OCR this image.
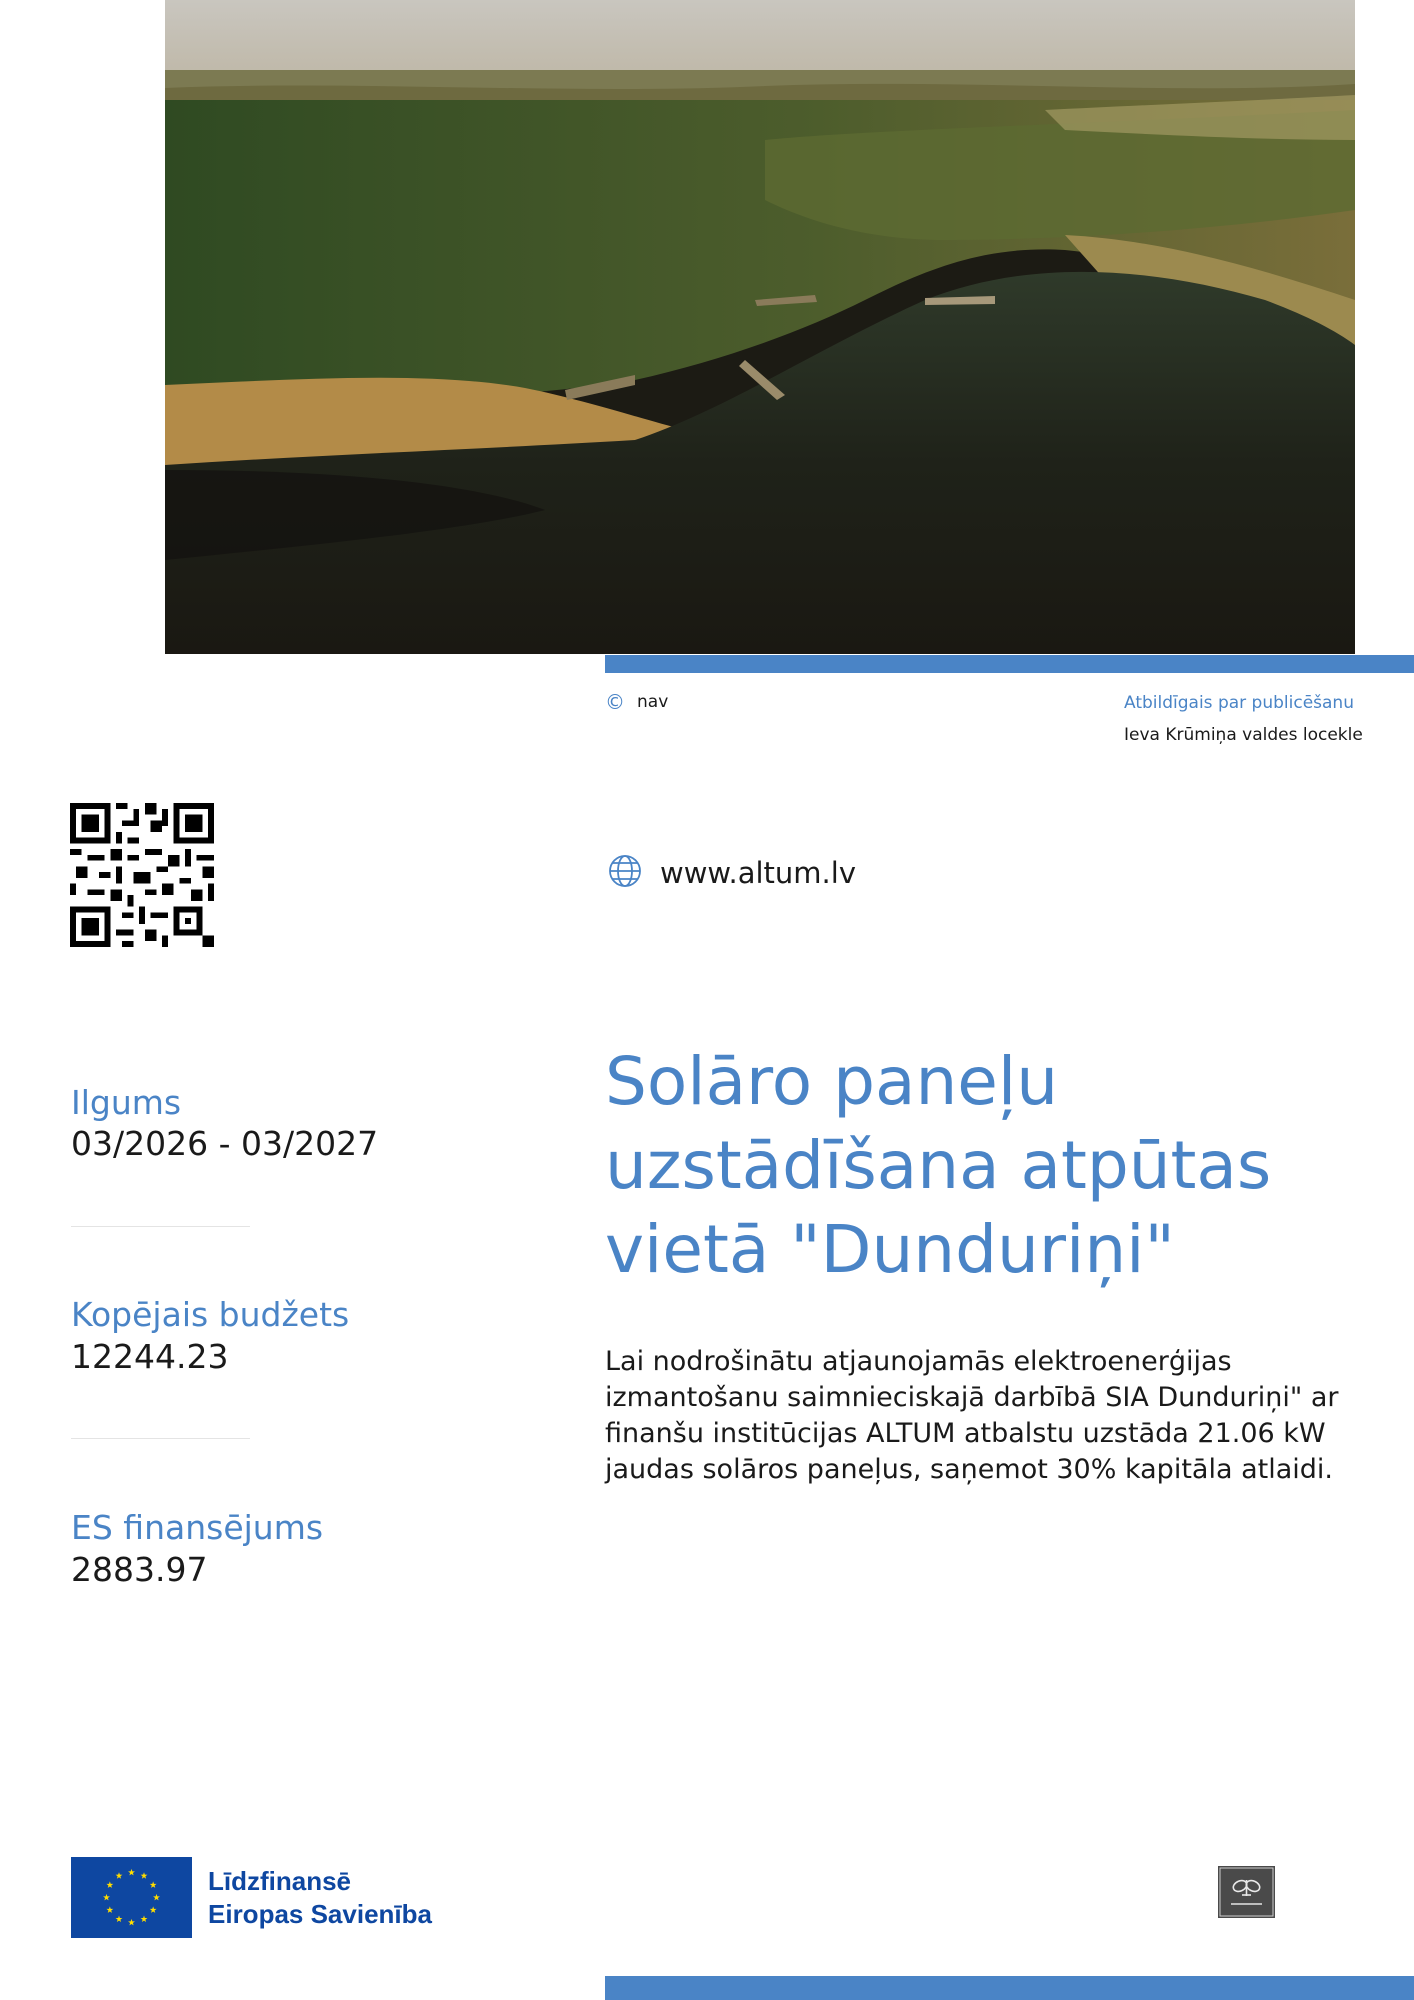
© nav	Atbildīgais par publicēšanu
Ieva Krūmiņa valdes locekle
www.altum.lv
Ilgums
03/2026 - 03/2027
Kopējais budžets
12244.23
ES finansējums
2883.97
Solāro paneļu
uzstādīšana atpūtas
vietā "Dunduriņi"

Lai nodrošinātu atjaunojamās elektroenerģijas izmantošanu saimnieciskajā darbībā SIA Dunduriņi" ar finanšu institūcijas ALTUM atbalstu uzstāda 21.06 kW jaudas solāros paneļus, saņemot 30% kapitāla atlaidi.

Līdzfinansē
Eiropas Savienība
